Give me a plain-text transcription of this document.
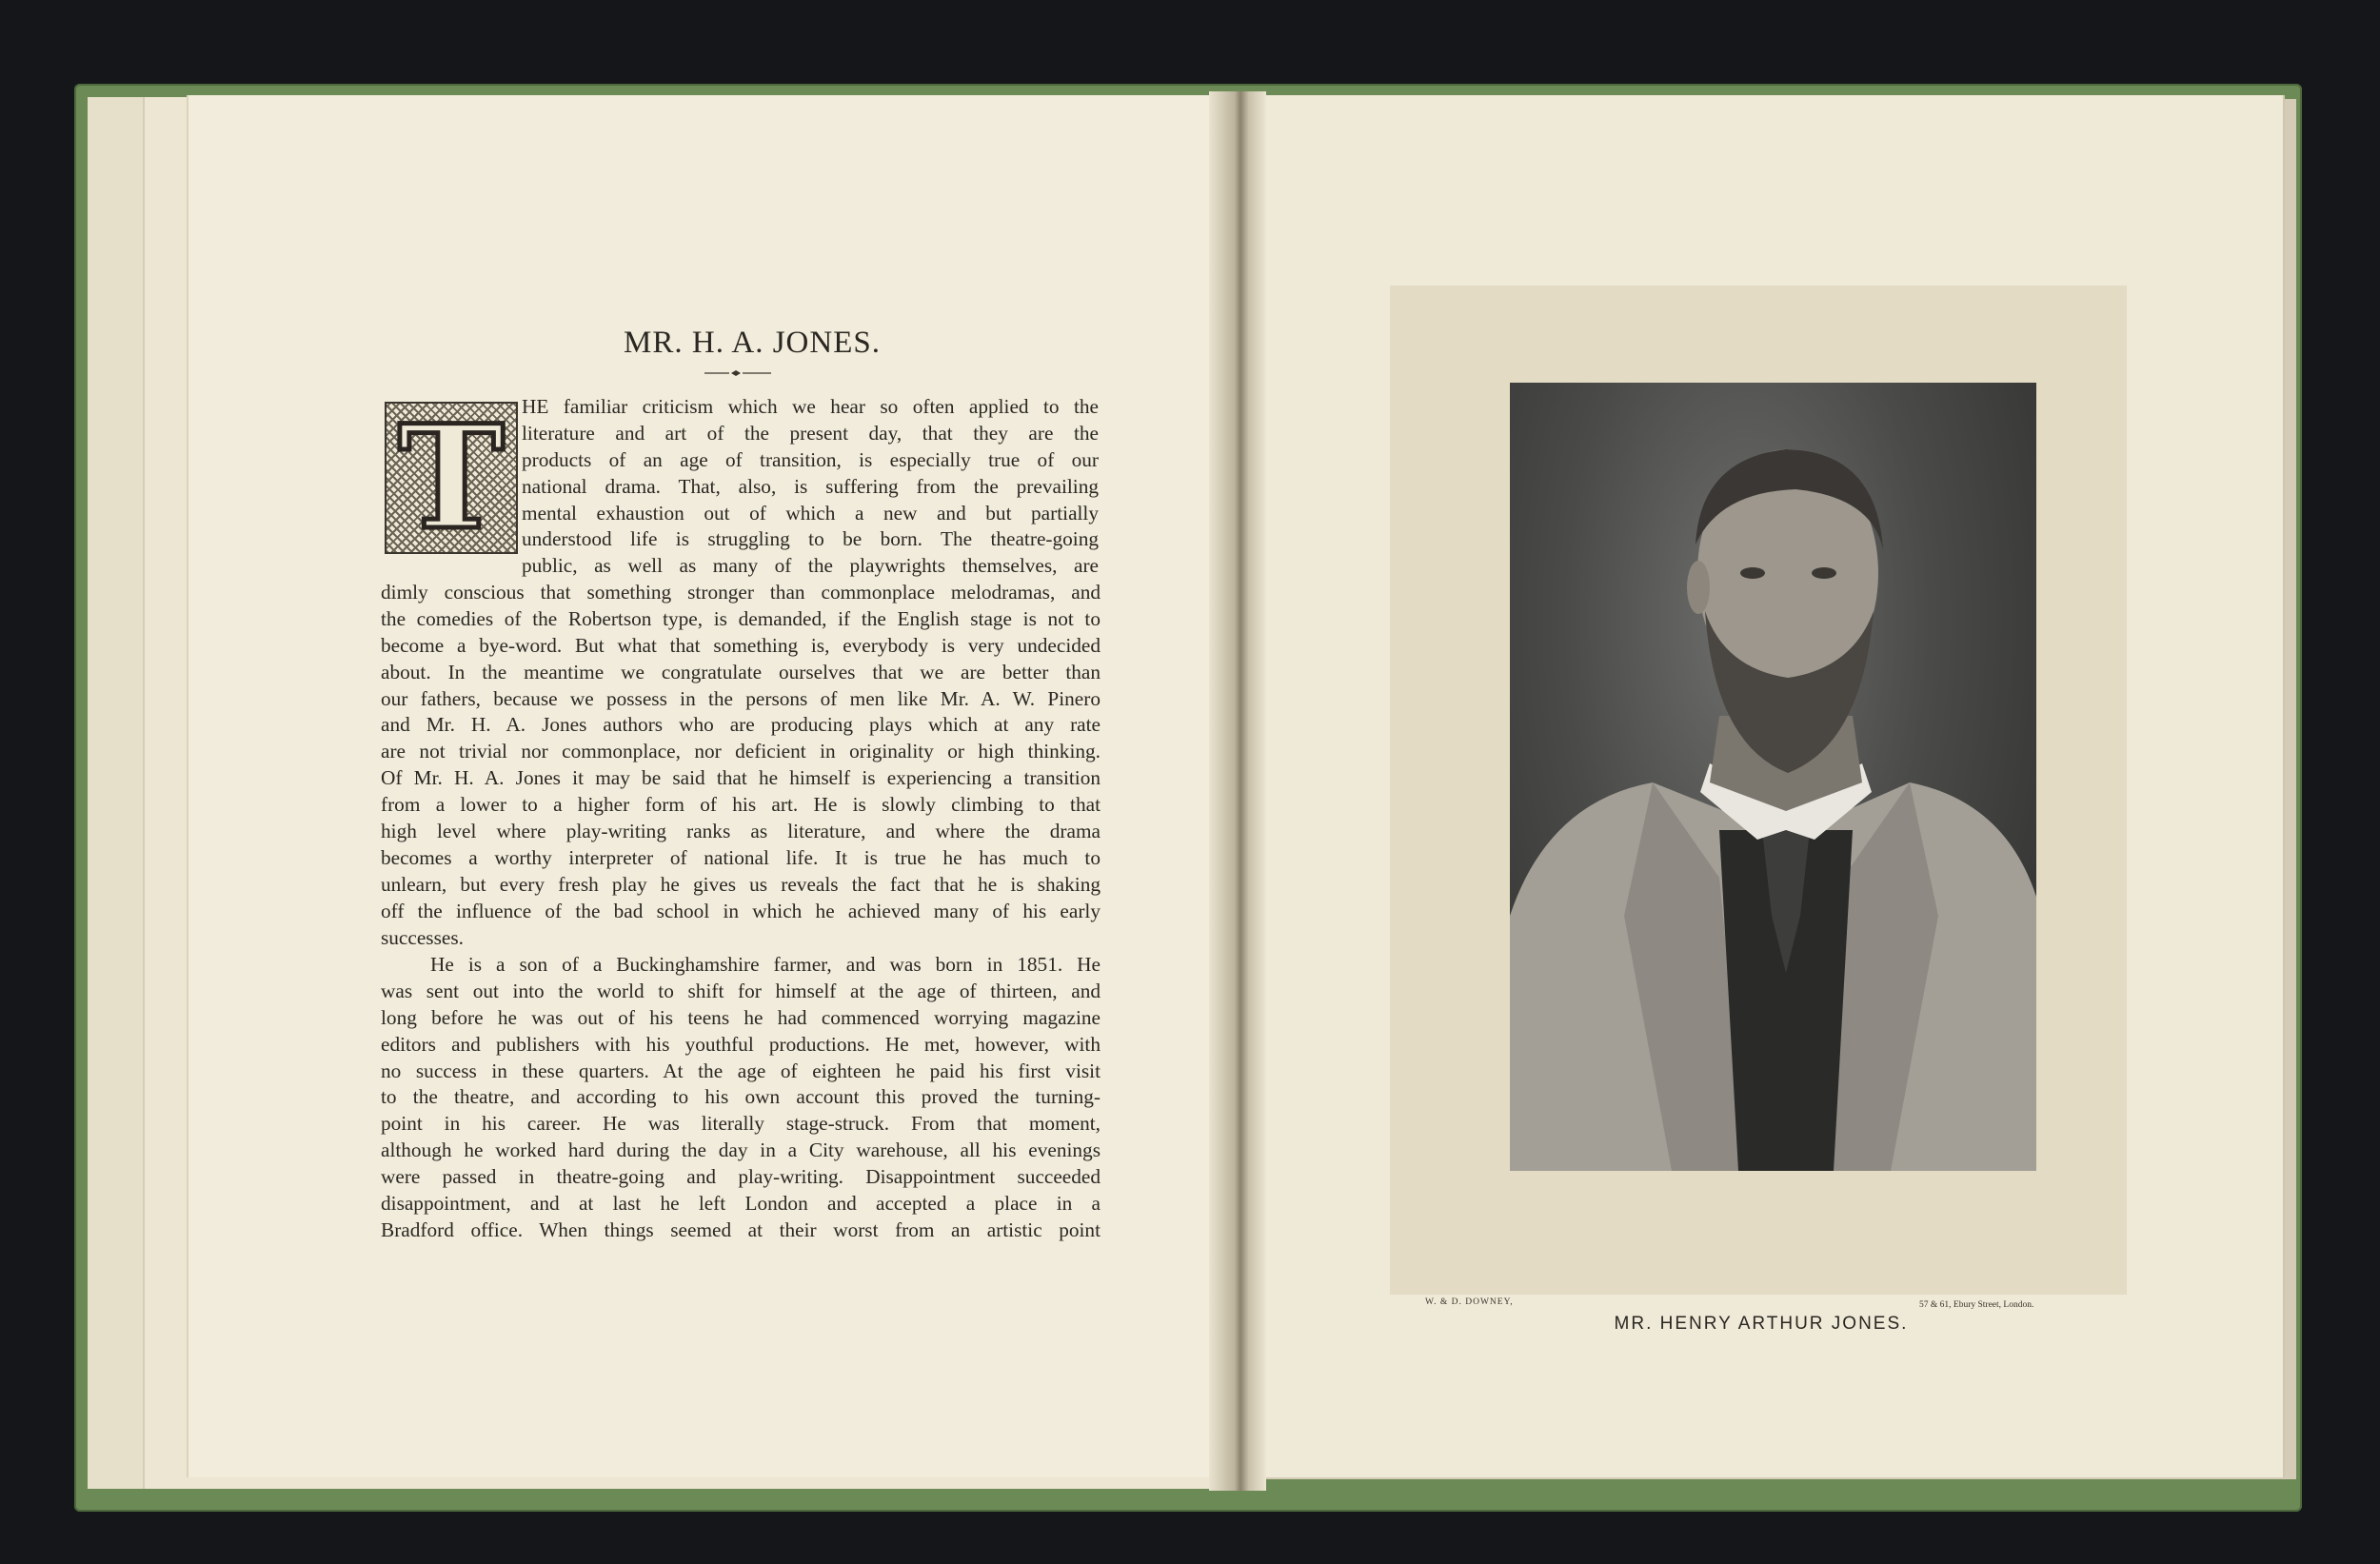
MR. H. A. JONES.
T HE familiar criticism which we hear so often applied to the
literature and art of the present day, that they are the
products of an age of transition, is especially true of our
national drama. That, also, is suffering from the prevailing
mental exhaustion out of which a new and but partially
understood life is struggling to be born. The theatre-going
public, as well as many of the playwrights themselves, are
dimly conscious that something stronger than commonplace melodramas, and
the comedies of the Robertson type, is demanded, if the English stage is not to
become a bye-word. But what that something is, everybody is very undecided
about. In the meantime we congratulate ourselves that we are better than
our fathers, because we possess in the persons of men like Mr. A. W. Pinero
and Mr. H. A. Jones authors who are producing plays which at any rate
are not trivial nor commonplace, nor deficient in originality or high thinking.
Of Mr. H. A. Jones it may be said that he himself is experiencing a transition
from a lower to a higher form of his art. He is slowly climbing to that
high level where play-writing ranks as literature, and where the drama
becomes a worthy interpreter of national life. It is true he has much to
unlearn, but every fresh play he gives us reveals the fact that he is shaking
off the influence of the bad school in which he achieved many of his early
successes.
He is a son of a Buckinghamshire farmer, and was born in 1851. He
was sent out into the world to shift for himself at the age of thirteen, and
long before he was out of his teens he had commenced worrying magazine
editors and publishers with his youthful productions. He met, however, with
no success in these quarters. At the age of eighteen he paid his first visit
to the theatre, and according to his own account this proved the turning-
point in his career. He was literally stage-struck. From that moment,
although he worked hard during the day in a City warehouse, all his evenings
were passed in theatre-going and play-writing. Disappointment succeeded
disappointment, and at last he left London and accepted a place in a
Bradford office. When things seemed at their worst from an artistic point
W. & D. DOWNEY,	57 & 61, Ebury Street, London.
MR. HENRY ARTHUR JONES.
